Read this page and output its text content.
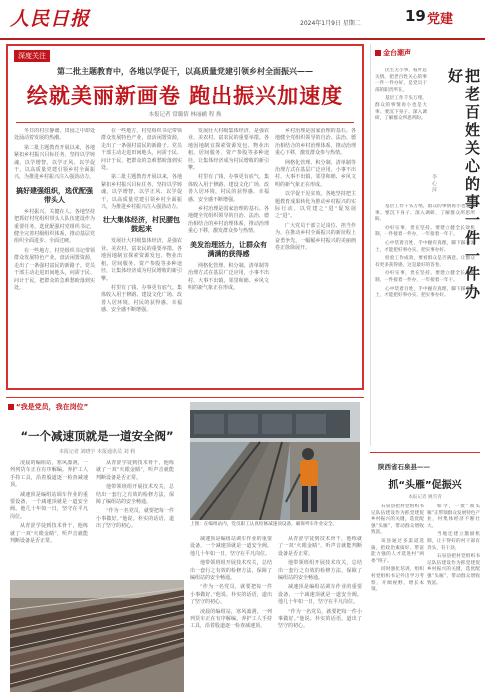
人民日报	2024年1月9日 星期二	19 党建
深度关注
第二批主题教育中，各地以学促干，以高质量党建引领乡村全面振兴——
绘就美丽新画卷 跑出振兴加速度
本报记者 常璐倩 林丽鹂 程 焕

冬日的村庄静谧，田园之中却处处涌动着发展的热潮。

第二批主题教育开展以来，各地紧扣乡村振兴目标任务，坚持以学铸魂、以学增智、以学正风、以学促干，以高质量党建引领乡村全面振兴，为推进乡村振兴注入强劲动力。

搞好建强组织，选优配强带头人

乡村振兴，关键在人。各地坚持把抓好村党组织带头人队伍建设作为重要任务，选优配强村党组织书记，健全完善村级组织体系，推动基层党组织全面进步、全面过硬。

在一些地方，村党组织书记带领群众发展特色产业，盘活闲置资源，走出了一条强村富民的新路子。党员干部主动走进田间地头，问需于民、问计于民，把群众的急难愁盼落到实处。

在一些地方，村党组织书记带领群众发展特色产业，盘活闲置资源，走出了一条强村富民的新路子。党员干部主动走进田间地头，问需于民、问计于民，把群众的急难愁盼落到实处。

第二批主题教育开展以来，各地紧扣乡村振兴目标任务，坚持以学铸魂、以学增智、以学正风、以学促干，以高质量党建引领乡村全面振兴，为推进乡村振兴注入强劲动力。

壮大集体经济，村民腰包鼓起来

发展壮大村级集体经济，是强农业、美农村、富农民的重要举措。各地因地制宜探索资源发包、物业出租、居间服务、资产参股等多种途径，让集体经济成为村民增收的新引擎。

村里有了钱，办事更有底气。集体收入用于修路、建设文化广场、改善人居环境，村民的获得感、幸福感、安全感不断增强。

发展壮大村级集体经济，是强农业、美农村、富农民的重要举措。各地因地制宜探索资源发包、物业出租、居间服务、资产参股等多种途径，让集体经济成为村民增收的新引擎。

村里有了钱，办事更有底气。集体收入用于修路、建设文化广场、改善人居环境，村民的获得感、幸福感、安全感不断增强。

乡村治理是国家治理的基石。各地健全党组织领导的自治、法治、德治相结合的乡村治理体系，推动治理重心下移，激发群众参与热情。

美发治理活力，让群众有满满的获得感

网格化管理、积分制、清单制等治理方式在基层广泛应用，小事不出村、大事不出镇，邻里和睦、乡风文明的新气象正在形成。

乡村治理是国家治理的基石。各地健全党组织领导的自治、法治、德治相结合的乡村治理体系，推动治理重心下移，激发群众参与热情。

网格化管理、积分制、清单制等治理方式在基层广泛应用，小事不出村、大事不出镇，邻里和睦、乡风文明的新气象正在形成。

以学促干见实效。各地坚持把主题教育成果转化为推动乡村振兴的实际行动，以党建之“进”促发展之“进”。

广大党员干部立足岗位、担当作为，在推动乡村全面振兴的新征程上奋勇争先，一幅幅乡村振兴的美丽画卷正徐徐展开。

金台潮声
把老百姓关心的事一件一件办好
李 心 萍

民生无小事，枝叶总关情。把老百姓关心的事一件一件办好，是党员干部的职责所在。

基层工作千头万绪，群众的事情再小也是大事。要沉下身子、深入调研，了解群众所思所盼。

基层工作千头万绪，群众的事情再小也是大事。要沉下身子、深入调研，了解群众所思所盼。

办好实事，贵在坚持。要建立健全长效机制，一件接着一件办，一年接着一年干。

心中装着百姓，手中握有真理，脚下踩着泥土，才能把好事办实、把实事办好。

检验工作成效，要看群众是否满意。让群众有更多获得感，这是最好的答卷。

办好实事，贵在坚持。要建立健全长效机制，一件接着一件办，一年接着一年干。

心中装着百姓，手中握有真理，脚下踩着泥土，才能把好事办实、把实事办好。

“我是党员，我在岗位”
“一个减速顶就是一道安全阀”
本报记者 刘晓宇 本报通讯员 刘 莉

凌晨的编组站，寒风凛冽，一列列货车正在有序解编。养护工人手持工具，沿着股道逐一检查减速顶。

减速顶是编组站调车作业的重要设备，一个减速顶就是一道安全阀。他几十年如一日，坚守在平凡岗位。

从青涩学徒到技术骨干，他练就了一双“火眼金睛”，听声音就能判断设备是否正常。

从青涩学徒到技术骨干，他练就了一双“火眼金睛”，听声音就能判断设备是否正常。

他带领班组开展技术攻关，总结出一套行之有效的检修方法，保障了编组站的安全畅通。

“作为一名党员，就要把每一件小事做好。”他说。朴实的话语，道出了坚守的初心。	上图：在编组站内，党员职工认真检修减速顶设备，确保列车作业安全。

减速顶是编组站调车作业的重要设备，一个减速顶就是一道安全阀。他几十年如一日，坚守在平凡岗位。

他带领班组开展技术攻关，总结出一套行之有效的检修方法，保障了编组站的安全畅通。

“作为一名党员，就要把每一件小事做好。”他说。朴实的话语，道出了坚守的初心。

凌晨的编组站，寒风凛冽，一列列货车正在有序解编。养护工人手持工具，沿着股道逐一检查减速顶。

从青涩学徒到技术骨干，他练就了一双“火眼金睛”，听声音就能判断设备是否正常。

他带领班组开展技术攻关，总结出一套行之有效的检修方法，保障了编组站的安全畅通。

减速顶是编组站调车作业的重要设备，一个减速顶就是一道安全阀。他几十年如一日，坚守在平凡岗位。

“作为一名党员，就要把每一件小事做好。”他说。朴实的话语，道出了坚守的初心。

陕西省石泉县——
抓“头雁”促振兴
本报记者 姚雪青

石泉县把村党组织书记队伍建设作为抓党建促乡村振兴的关键，选优配强“头雁”，带动群众增收致富。

该县通过多渠道选拔，把政治素质好、带富能力强的人才选进村“两委”班子。

同时强化培训，组织村党组织书记外出学习考察，开阔视野、增长本领。

如今，一批“领头雁”正带领群众发展特色产业，村集体经济不断壮大。

当地还建立激励机制，让干得好的村干部有奔头、有干劲。

石泉县把村党组织书记队伍建设作为抓党建促乡村振兴的关键，选优配强“头雁”，带动群众增收致富。
